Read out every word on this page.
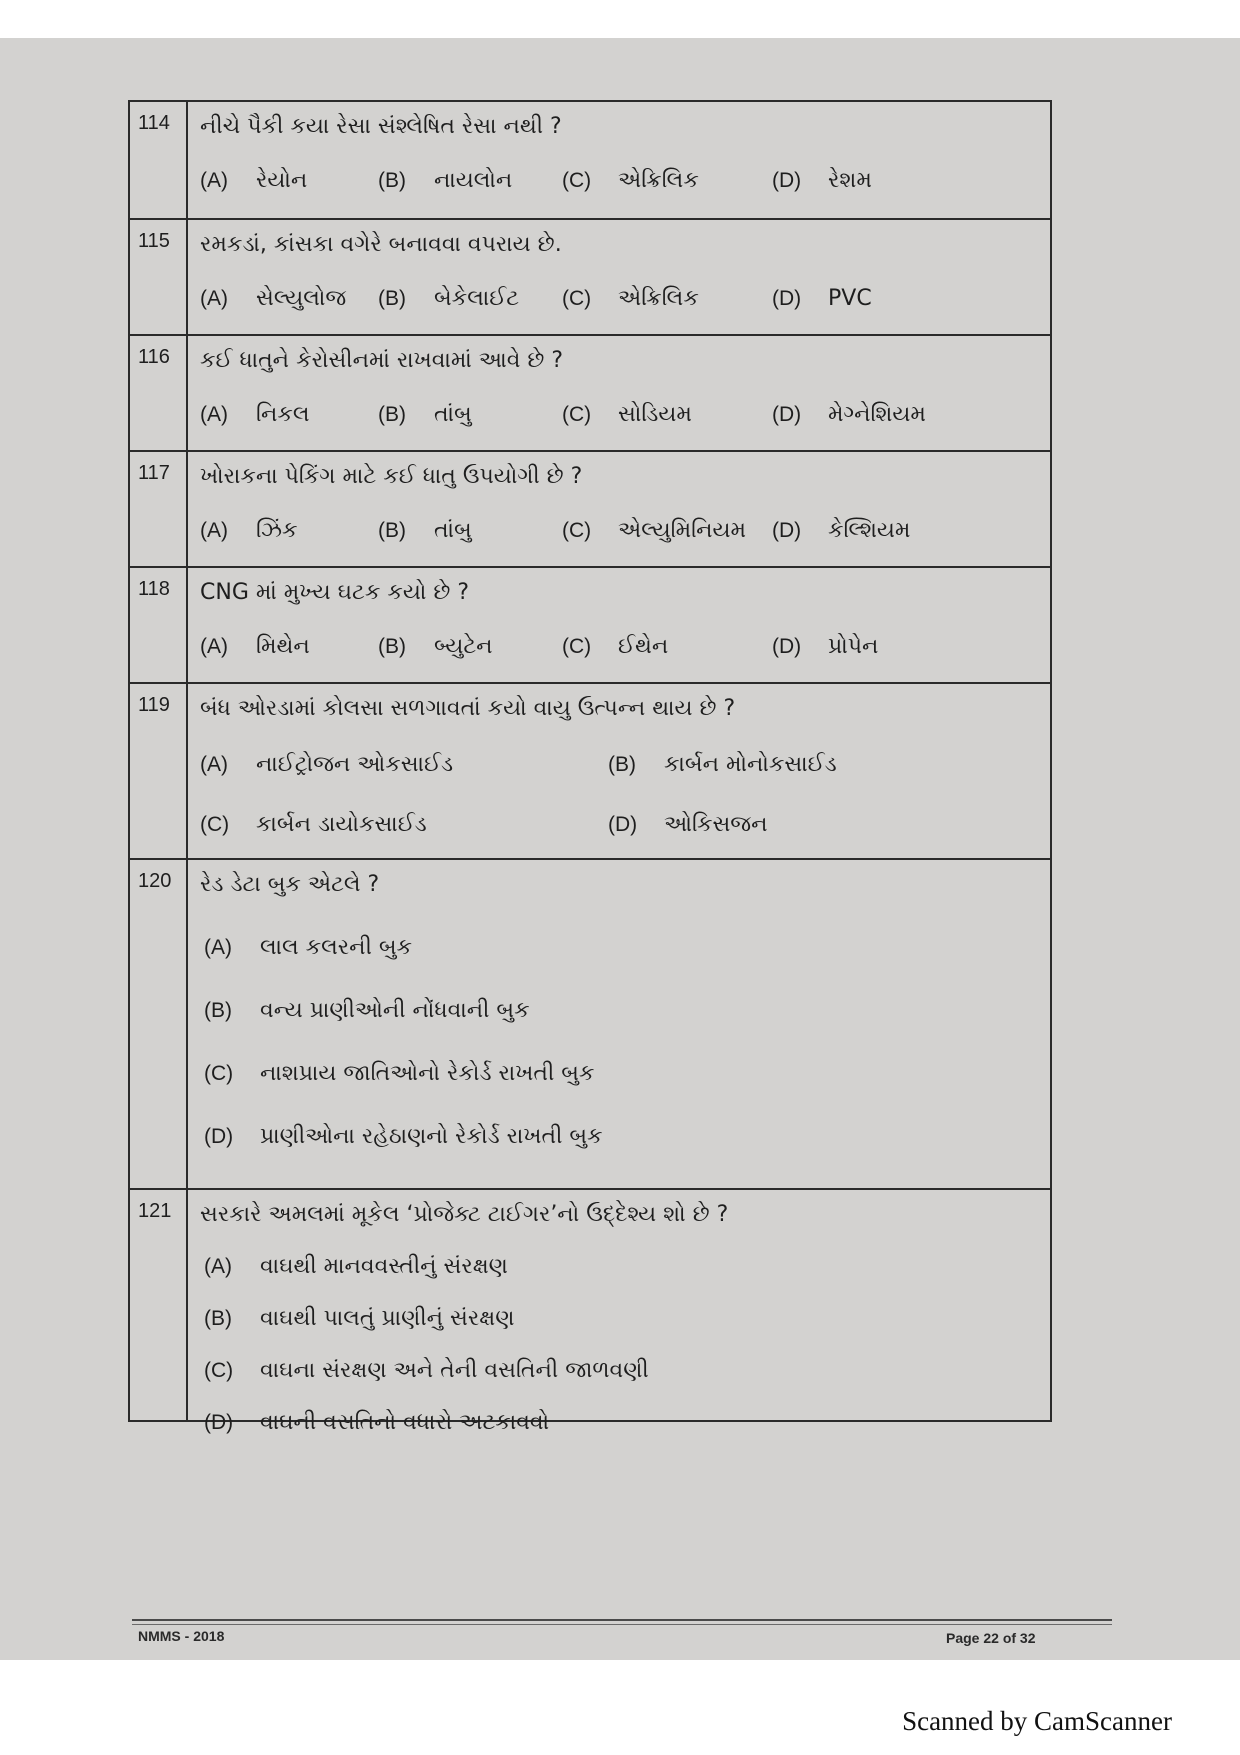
114	નીચે પૈકી કયા રેસા સંશ્લેષિત રેસા નથી ?
(A) રેયોન	(B) નાયલોન	(C) એક્રિલિક	(D) રેશમ
115	રમકડાં, કાંસકા વગેરે બનાવવા વપરાય છે.
(A) સેલ્યુલોજ	(B) બેકેલાઈટ	(C) એક્રિલિક	(D) PVC
116	કઈ ધાતુને કેરોસીનમાં રાખવામાં આવે છે ?
(A) નિકલ	(B) તાંબુ	(C) સોડિયમ	(D) મેગ્નેશિયમ
117	ખોરાકના પેકિંગ માટે કઈ ધાતુ ઉપયોગી છે ?
(A) ઝિંક	(B) તાંબુ	(C) એલ્યુમિનિયમ	(D) કેલ્શિયમ
118	CNG માં મુખ્ય ઘટક કયો છે ?
(A) મિથેન	(B) બ્યુટેન	(C) ઈથેન	(D) પ્રોપેન
119	બંધ ઓરડામાં કોલસા સળગાવતાં કયો વાયુ ઉત્પન્ન થાય છે ?
(A) નાઈટ્રોજન ઓકસાઈડ	(B) કાર્બન મોનોકસાઈડ
(C) કાર્બન ડાયોકસાઈડ	(D) ઓકિસજન
120	રેડ ડેટા બુક એટલે ?
(A) લાલ કલરની બુક
(B) વન્ય પ્રાણીઓની નોંધવાની બુક
(C) નાશપ્રાય જાતિઓનો રેકોર્ડ રાખતી બુક
(D) પ્રાણીઓના રહેઠાણનો રેકોર્ડ રાખતી બુક
121	સરકારે અમલમાં મૂકેલ ‘પ્રોજેક્ટ ટાઈગર’નો ઉદ્દેશ્ય શો છે ?
(A) વાઘથી માનવવસ્તીનું સંરક્ષણ
(B) વાઘથી પાલતું પ્રાણીનું સંરક્ષણ
(C) વાઘના સંરક્ષણ અને તેની વસતિની જાળવણી
(D) વાઘની વસતિનો વધારો અટકાવવો
NMMS - 2018	Page 22 of 32
Scanned by CamScanner
